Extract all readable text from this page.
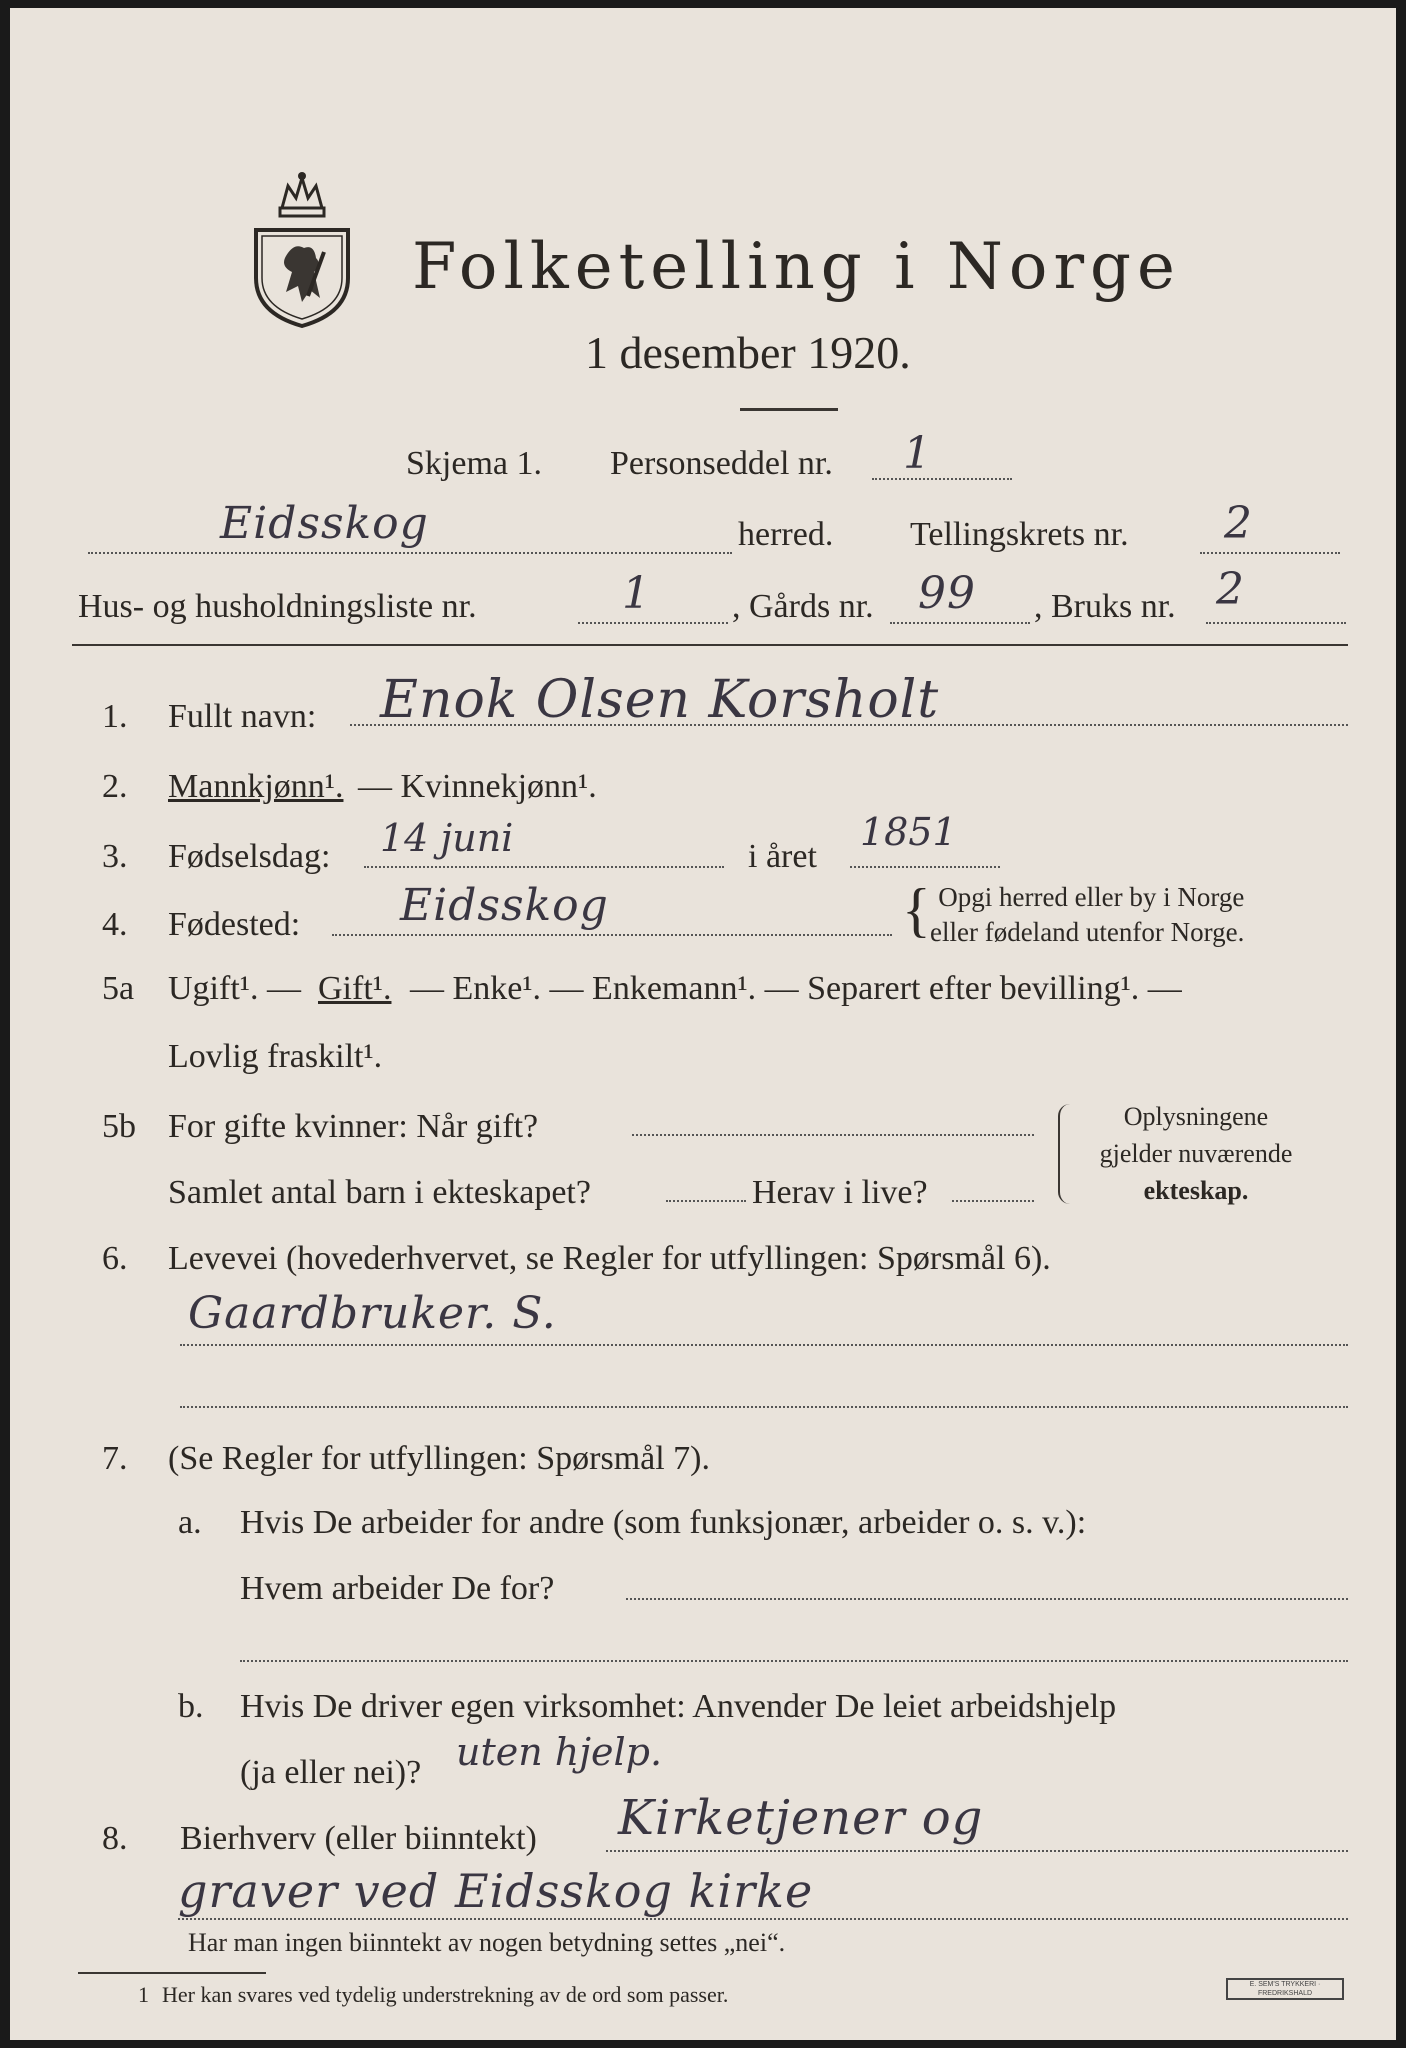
Folketelling i Norge
1 desember 1920.
Skjema 1. Personseddel nr. 1
Eidsskog	herred. Tellingskrets nr. 2
Hus- og husholdningsliste nr.	1 , Gårds nr. 99 , Bruks nr. 2
1. Fullt navn: Enok Olsen Korsholt
2. Mannkjønn¹. — Kvinnekjønn¹.
3. Fødselsdag: 14 juni	i året
1851
4. Fødested: Eidsskog	{ Opgi herred eller by i Norge
eller fødeland utenfor Norge.
5a Ugift¹. — Gift¹. — Enke¹. — Enkemann¹. — Separert efter bevilling¹. —
Lovlig fraskilt¹.
5b For gifte kvinner: Når gift?
Samlet antal barn i ekteskapet?	Herav i live?
Oplysningene
gjelder nuværende
ekteskap.
6. Levevei (hovederhvervet, se Regler for utfyllingen: Spørsmål 6).
Gaardbruker. S.
7. (Se Regler for utfyllingen: Spørsmål 7).
a. Hvis De arbeider for andre (som funksjonær, arbeider o. s. v.):
Hvem arbeider De for?
b. Hvis De driver egen virksomhet: Anvender De leiet arbeidshjelp
(ja eller nei)? uten hjelp.
8. Bierhverv (eller biinntekt) Kirketjener og
graver ved Eidsskog kirke
Har man ingen biinntekt av nogen betydning settes „nei“.
1 Her kan svares ved tydelig understrekning av de ord som passer.	E. SEM'S TRYKKERI · FREDRIKSHALD
